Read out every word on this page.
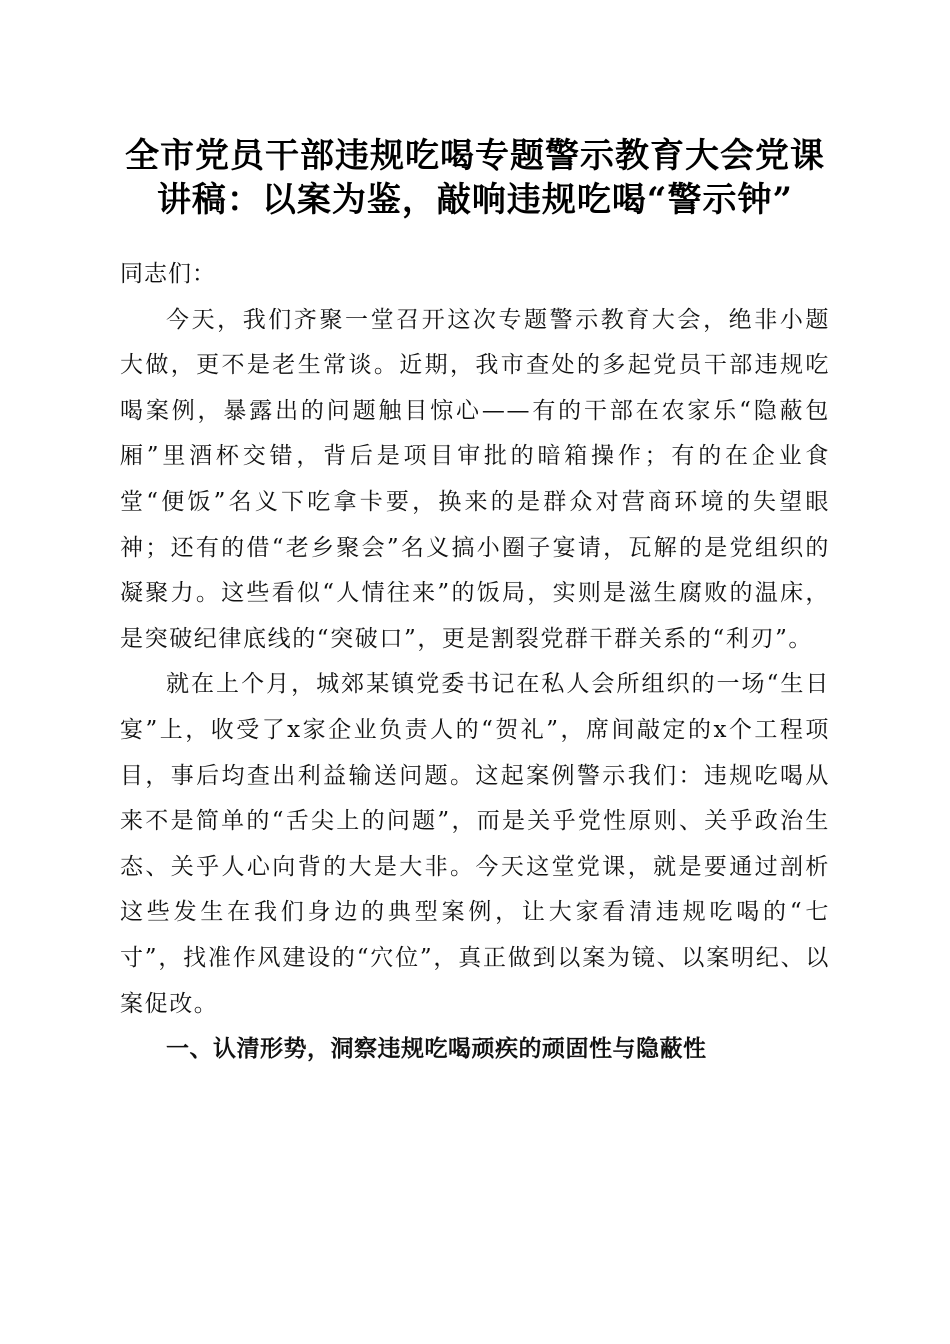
全市党员干部违规吃喝专题警示教育大会党课
讲稿：以案为鉴，敲响违规吃喝“警示钟”

同志们：

今天，我们齐聚一堂召开这次专题警示教育大会，绝非小题大做，更不是老生常谈。近期，我市查处的多起党员干部违规吃喝案例，暴露出的问题触目惊心——有的干部在农家乐“隐蔽包厢”里酒杯交错，背后是项目审批的暗箱操作；有的在企业食堂“便饭”名义下吃拿卡要，换来的是群众对营商环境的失望眼神；还有的借“老乡聚会”名义搞小圈子宴请，瓦解的是党组织的凝聚力。这些看似“人情往来”的饭局，实则是滋生腐败的温床，是突破纪律底线的“突破口”，更是割裂党群干群关系的“利刃”。

就在上个月，城郊某镇党委书记在私人会所组织的一场“生日宴”上，收受了x家企业负责人的“贺礼”，席间敲定的x个工程项目，事后均查出利益输送问题。这起案例警示我们：违规吃喝从来不是简单的“舌尖上的问题”，而是关乎党性原则、关乎政治生态、关乎人心向背的大是大非。今天这堂党课，就是要通过剖析这些发生在我们身边的典型案例，让大家看清违规吃喝的“七寸”，找准作风建设的“穴位”，真正做到以案为镜、以案明纪、以案促改。

一、认清形势，洞察违规吃喝顽疾的顽固性与隐蔽性
